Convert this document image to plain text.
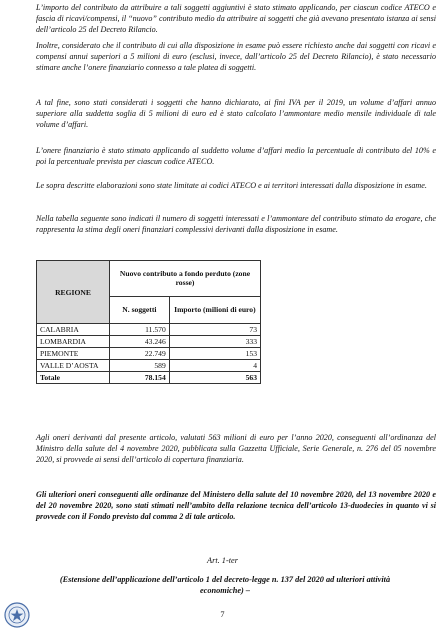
L’importo del contributo da attribuire a tali soggetti aggiuntivi è stato stimato applicando, per ciascun codice ATECO e fascia di ricavi/compensi, il “nuovo” contributo medio da attribuire ai soggetti che già avevano presentato istanza ai sensi dell’articolo 25 del Decreto Rilancio.

Inoltre, considerato che il contributo di cui alla disposizione in esame può essere richiesto anche dai soggetti con ricavi e compensi annui superiori a 5 milioni di euro (esclusi, invece, dall’articolo 25 del Decreto Rilancio), è stato necessario stimare anche l’onere finanziario connesso a tale platea di soggetti.

A tal fine, sono stati considerati i soggetti che hanno dichiarato, ai fini IVA per il 2019, un volume d’affari annuo superiore alla suddetta soglia di 5 milioni di euro ed è stato calcolato l’ammontare medio mensile individuale di tale volume d’affari.

L’onere finanziario è stato stimato applicando al suddetto volume d’affari medio la percentuale di contributo del 10% e poi la percentuale prevista per ciascun codice ATECO.

Le sopra descritte elaborazioni sono state limitate ai codici ATECO e ai territori interessati dalla disposizione in esame.

Nella tabella seguente sono indicati il numero di soggetti interessati e l’ammontare del contributo stimato da erogare, che rappresenta la stima degli oneri finanziari complessivi derivanti dalla disposizione in esame.

REGIONE	Nuovo contributo a fondo perduto (zone rosse)	
	N. soggetti	Importo (milioni di euro)
CALABRIA	11.570	73
LOMBARDIA	43.246	333
PIEMONTE	22.749	153
VALLE D’AOSTA	589	4
Totale	78.154	563

Agli oneri derivanti dal presente articolo, valutati 563 milioni di euro per l’anno 2020, conseguenti all’ordinanza del Ministro della salute del 4 novembre 2020, pubblicata sulla Gazzetta Ufficiale, Serie Generale, n. 276 del 05 novembre 2020, si provvede ai sensi dell’articolo di copertura finanziaria.

Gli ulteriori oneri conseguenti alle ordinanze del Ministero della salute del 10 novembre 2020, del 13 novembre 2020 e del 20 novembre 2020, sono stati stimati nell’ambito della relazione tecnica dell’articolo 13-duodecies in quanto vi si provvede con il Fondo previsto dal comma 2 di tale articolo.

Art. 1-ter

(Estensione dell’applicazione dell’articolo 1 del decreto-legge n. 137 del 2020 ad ulteriori attività economiche) –

7
